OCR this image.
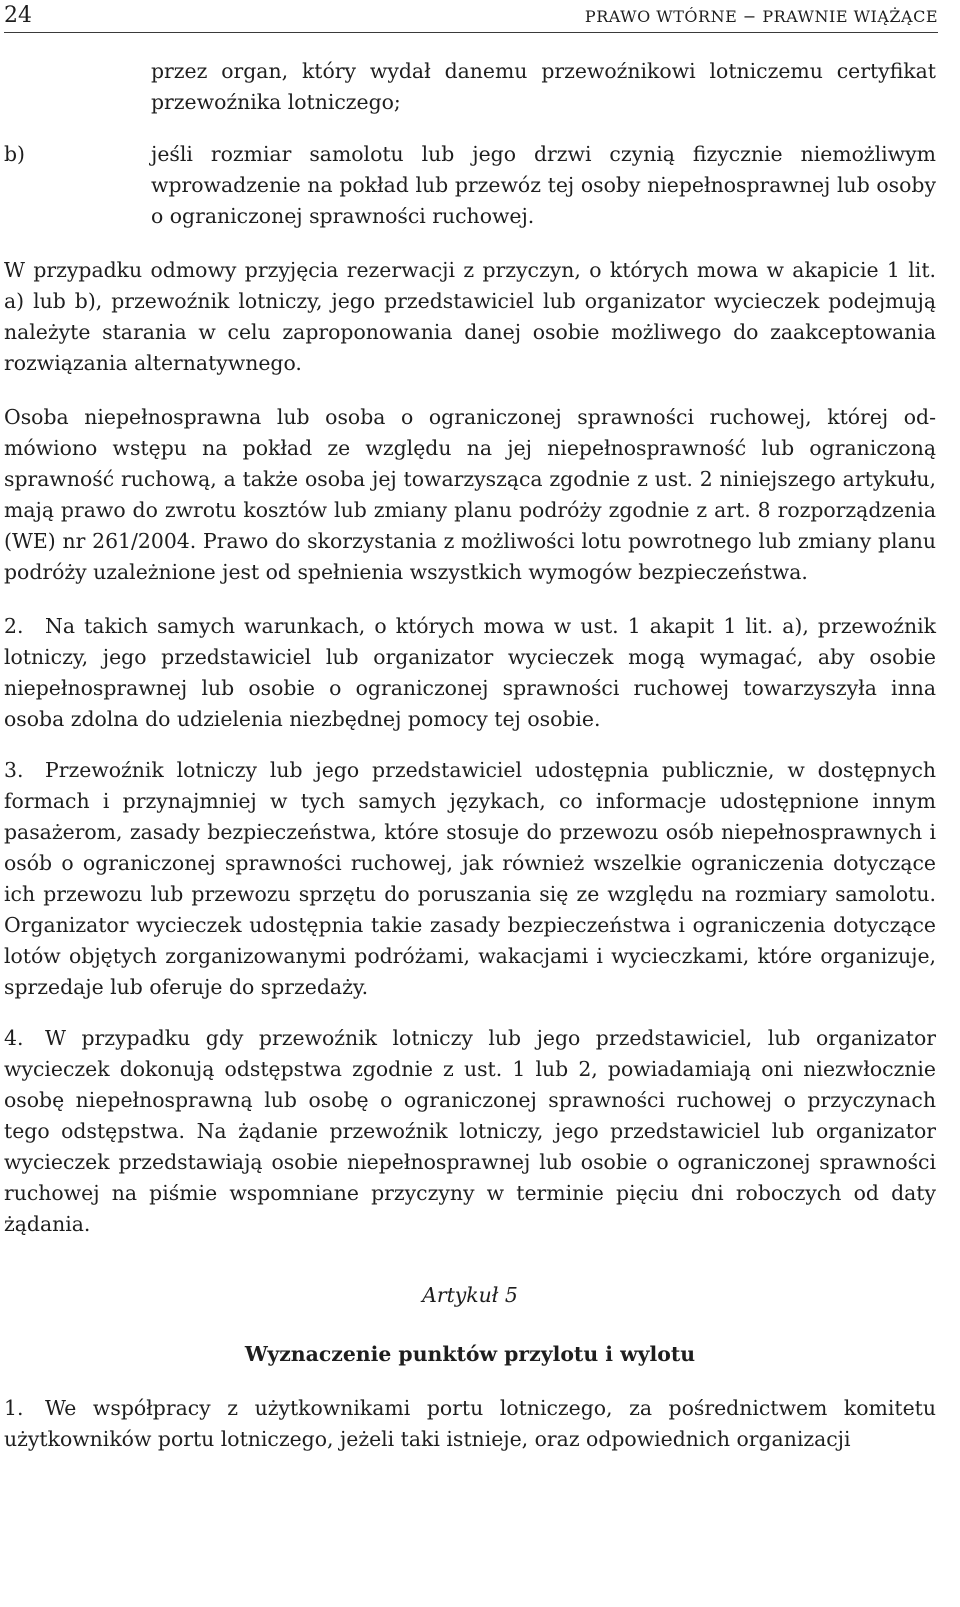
24	PRAWO WTÓRNE − PRAWNIE WIĄŻĄCE

przez organ, który wydał danemu przewoźnikowi lotniczemu certyfikat przewoźnika lotniczego;

b)	jeśli rozmiar samolotu lub jego drzwi czynią fizycznie niemożliwym wprowadzenie na pokład lub przewóz tej osoby niepełnosprawnej lub osoby o ograniczonej sprawności ruchowej.

W przypadku odmowy przyjęcia rezerwacji z przyczyn, o których mowa w akapicie 1 lit. a) lub b), przewoźnik lotniczy, jego przedstawiciel lub organizator wycieczek podejmują należyte starania w celu zaproponowania danej osobie możliwego do zaakceptowania rozwiązania alternatywnego.

Osoba niepełnosprawna lub osoba o ograniczonej sprawności ruchowej, której odmówiono wstępu na pokład ze względu na jej niepełnosprawność lub ograniczoną sprawność ruchową, a także osoba jej towarzysząca zgodnie z ust. 2 niniejszego artykułu, mają prawo do zwrotu kosztów lub zmiany planu podróży zgodnie z art. 8 rozporządzenia (WE) nr 261/2004. Prawo do skorzystania z możliwości lotu powrotnego lub zmiany planu podróży uzależnione jest od spełnienia wszystkich wymogów bezpieczeństwa.

2. Na takich samych warunkach, o których mowa w ust. 1 akapit 1 lit. a), przewoźnik lotniczy, jego przedstawiciel lub organizator wycieczek mogą wymagać, aby osobie niepełnosprawnej lub osobie o ograniczonej sprawności ruchowej towarzyszyła inna osoba zdolna do udzielenia niezbędnej pomocy tej osobie.

3. Przewoźnik lotniczy lub jego przedstawiciel udostępnia publicznie, w dostępnych formach i przynajmniej w tych samych językach, co informacje udostępnione innym pasażerom, zasady bezpieczeństwa, które stosuje do przewozu osób niepełnosprawnych i osób o ograniczonej sprawności ruchowej, jak również wszelkie ograniczenia dotyczące ich przewozu lub przewozu sprzętu do poruszania się ze względu na rozmiary samolotu. Organizator wycieczek udostępnia takie zasady bezpieczeństwa i ograniczenia dotyczące lotów objętych zorganizowanymi podróżami, wakacjami i wycieczkami, które organizuje, sprzedaje lub oferuje do sprzedaży.

4. W przypadku gdy przewoźnik lotniczy lub jego przedstawiciel, lub organizator wycieczek dokonują odstępstwa zgodnie z ust. 1 lub 2, powiadamiają oni niezwłocznie osobę niepełnosprawną lub osobę o ograniczonej sprawności ruchowej o przyczynach tego odstępstwa. Na żądanie przewoźnik lotniczy, jego przedstawiciel lub organizator wycieczek przedstawiają osobie niepełnosprawnej lub osobie o ograniczonej sprawności ruchowej na piśmie wspomniane przyczyny w terminie pięciu dni roboczych od daty żądania.

Artykuł 5

Wyznaczenie punktów przylotu i wylotu

1. We współpracy z użytkownikami portu lotniczego, za pośrednictwem komitetu użytkowników portu lotniczego, jeżeli taki istnieje, oraz odpowiednich organizacji
